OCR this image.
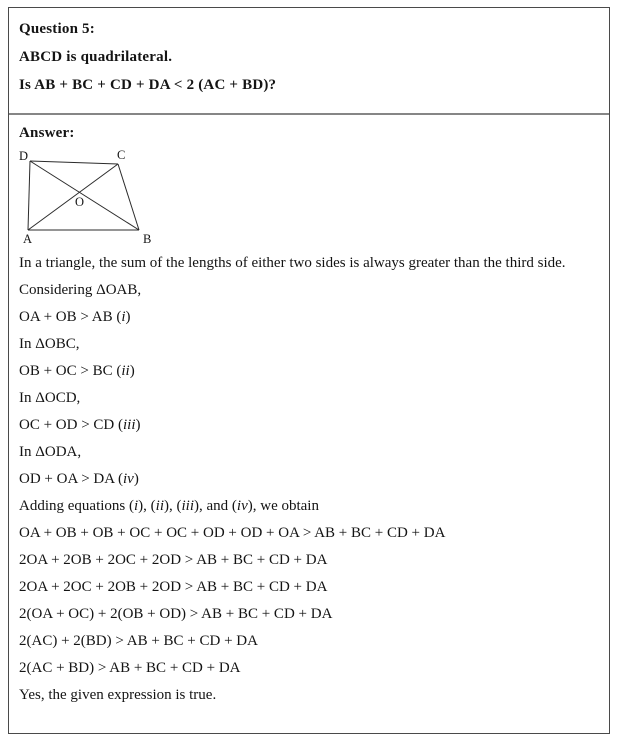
Question 5:
ABCD is quadrilateral.
Is AB + BC + CD + DA < 2 (AC + BD)?
Answer:
D	C
A	B
O
In a triangle, the sum of the lengths of either two sides is always greater than the third side.
Considering ΔOAB,
OA + OB > AB (i)
In ΔOBC,
OB + OC > BC (ii)
In ΔOCD,
OC + OD > CD (iii)
In ΔODA,
OD + OA > DA (iv)
Adding equations (i), (ii), (iii), and (iv), we obtain
OA + OB + OB + OC + OC + OD + OD + OA > AB + BC + CD + DA
2OA + 2OB + 2OC + 2OD > AB + BC + CD + DA
2OA + 2OC + 2OB + 2OD > AB + BC + CD + DA
2(OA + OC) + 2(OB + OD) > AB + BC + CD + DA
2(AC) + 2(BD) > AB + BC + CD + DA
2(AC + BD) > AB + BC + CD + DA
Yes, the given expression is true.
